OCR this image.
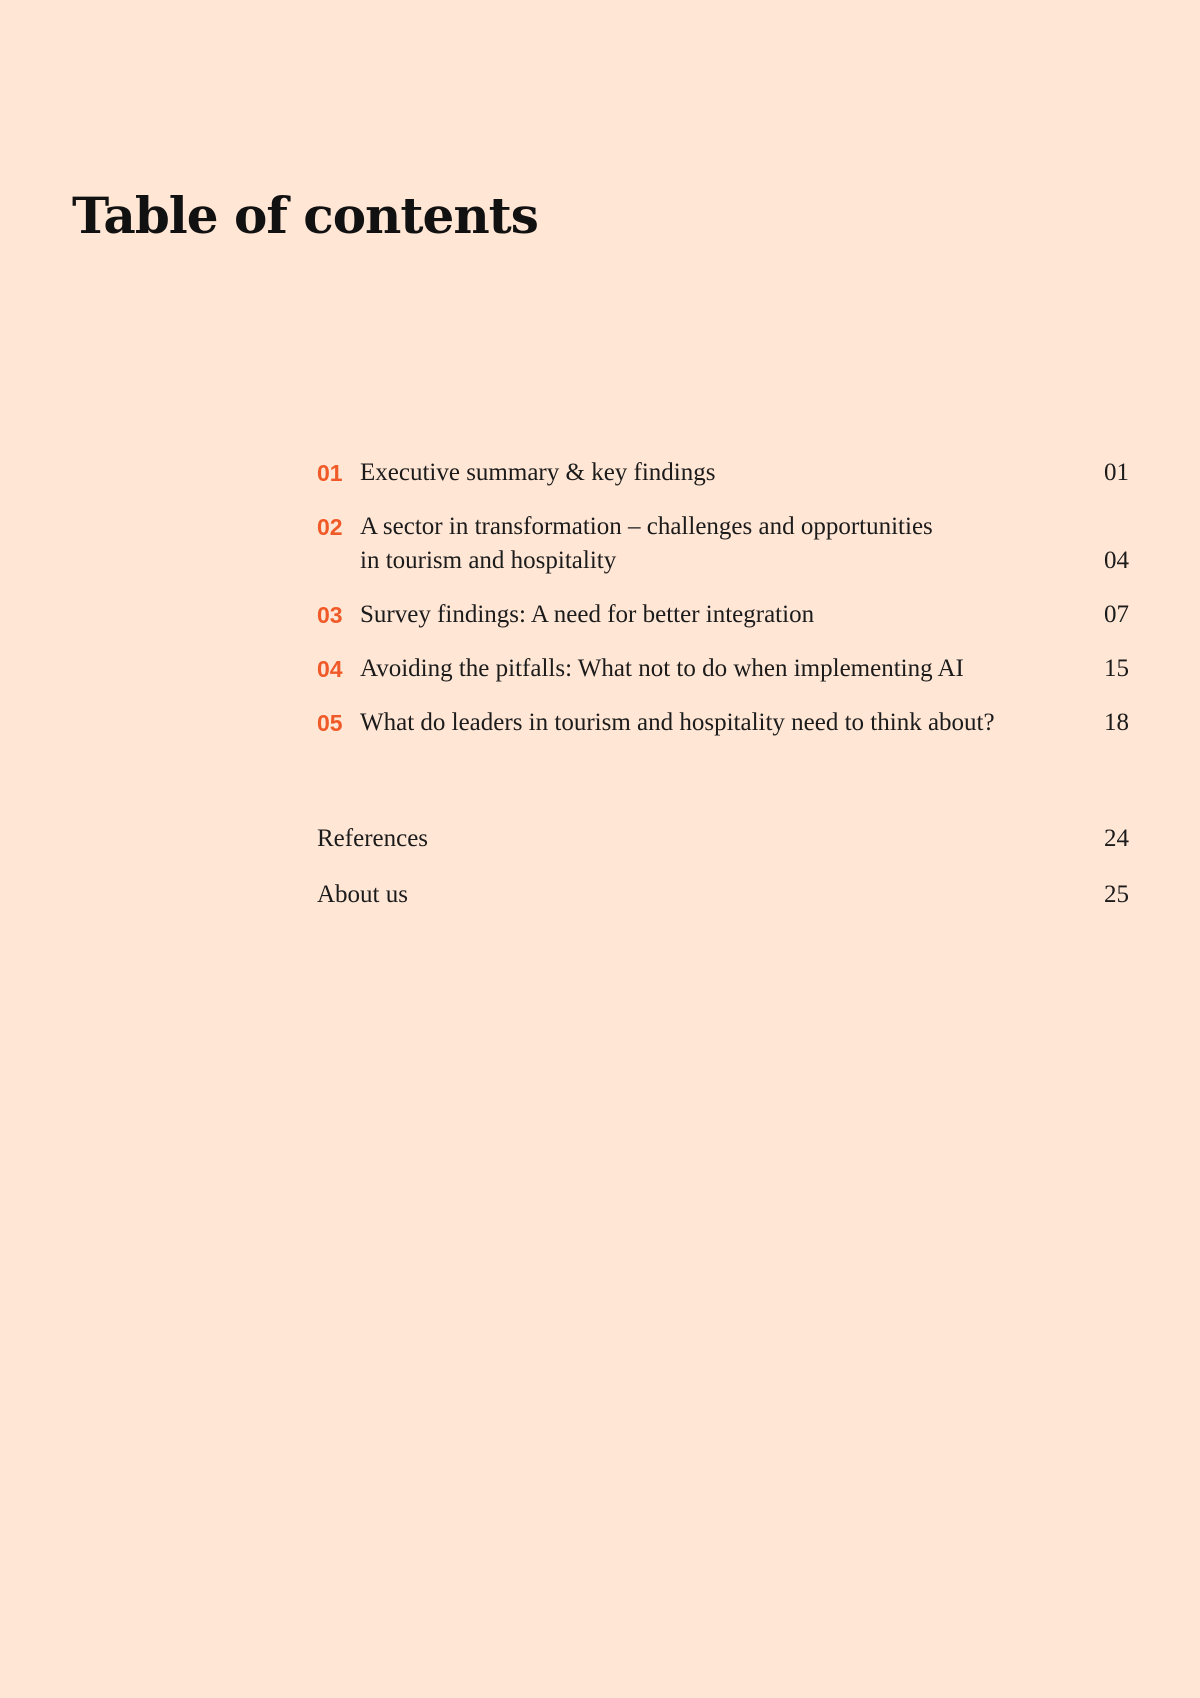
Table of contents
01 Executive summary & key findings	01
02 A sector in transformation – challenges and opportunities
in tourism and hospitality	04
03 Survey findings: A need for better integration	07
04 Avoiding the pitfalls: What not to do when implementing AI	15
05 What do leaders in tourism and hospitality need to think about?	18
References	24
About us	25
